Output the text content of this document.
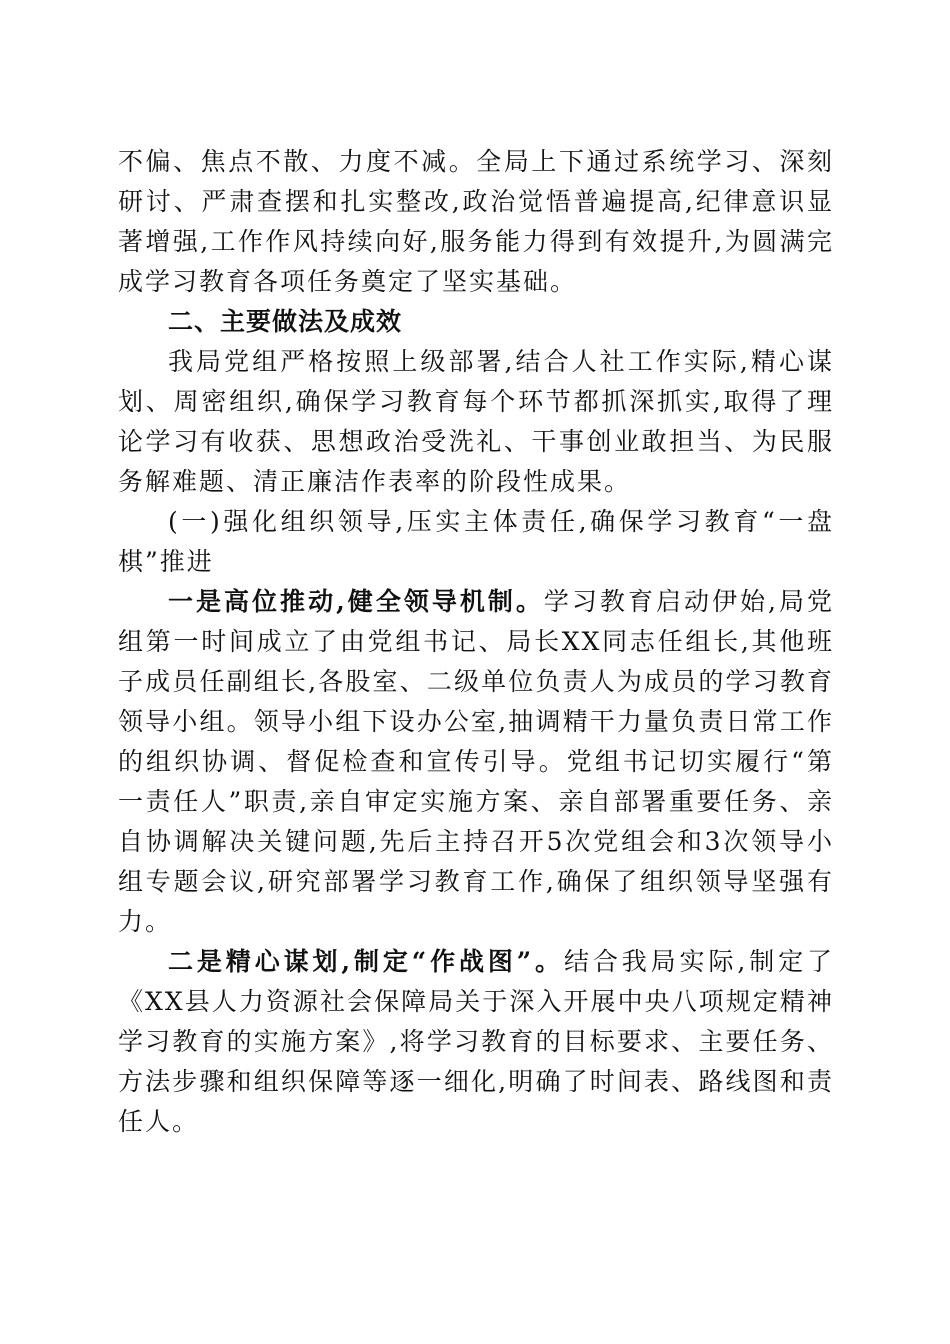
不偏、焦点不散、力度不减。全局上下通过系统学习、深刻研讨、严肃查摆和扎实整改,政治觉悟普遍提高,纪律意识显著增强,工作作风持续向好,服务能力得到有效提升,为圆满完成学习教育各项任务奠定了坚实基础。

二、主要做法及成效

我局党组严格按照上级部署,结合人社工作实际,精心谋划、周密组织,确保学习教育每个环节都抓深抓实,取得了理论学习有收获、思想政治受洗礼、干事创业敢担当、为民服务解难题、清正廉洁作表率的阶段性成果。

(一)强化组织领导,压实主体责任,确保学习教育“一盘棋”推进

一是高位推动,健全领导机制。学习教育启动伊始,局党组第一时间成立了由党组书记、局长XX同志任组长,其他班子成员任副组长,各股室、二级单位负责人为成员的学习教育领导小组。领导小组下设办公室,抽调精干力量负责日常工作的组织协调、督促检查和宣传引导。党组书记切实履行“第一责任人”职责,亲自审定实施方案、亲自部署重要任务、亲自协调解决关键问题,先后主持召开5次党组会和3次领导小组专题会议,研究部署学习教育工作,确保了组织领导坚强有力。

二是精心谋划,制定“作战图”。结合我局实际,制定了《XX县人力资源社会保障局关于深入开展中央八项规定精神学习教育的实施方案》,将学习教育的目标要求、主要任务、方法步骤和组织保障等逐一细化,明确了时间表、路线图和责任人。
